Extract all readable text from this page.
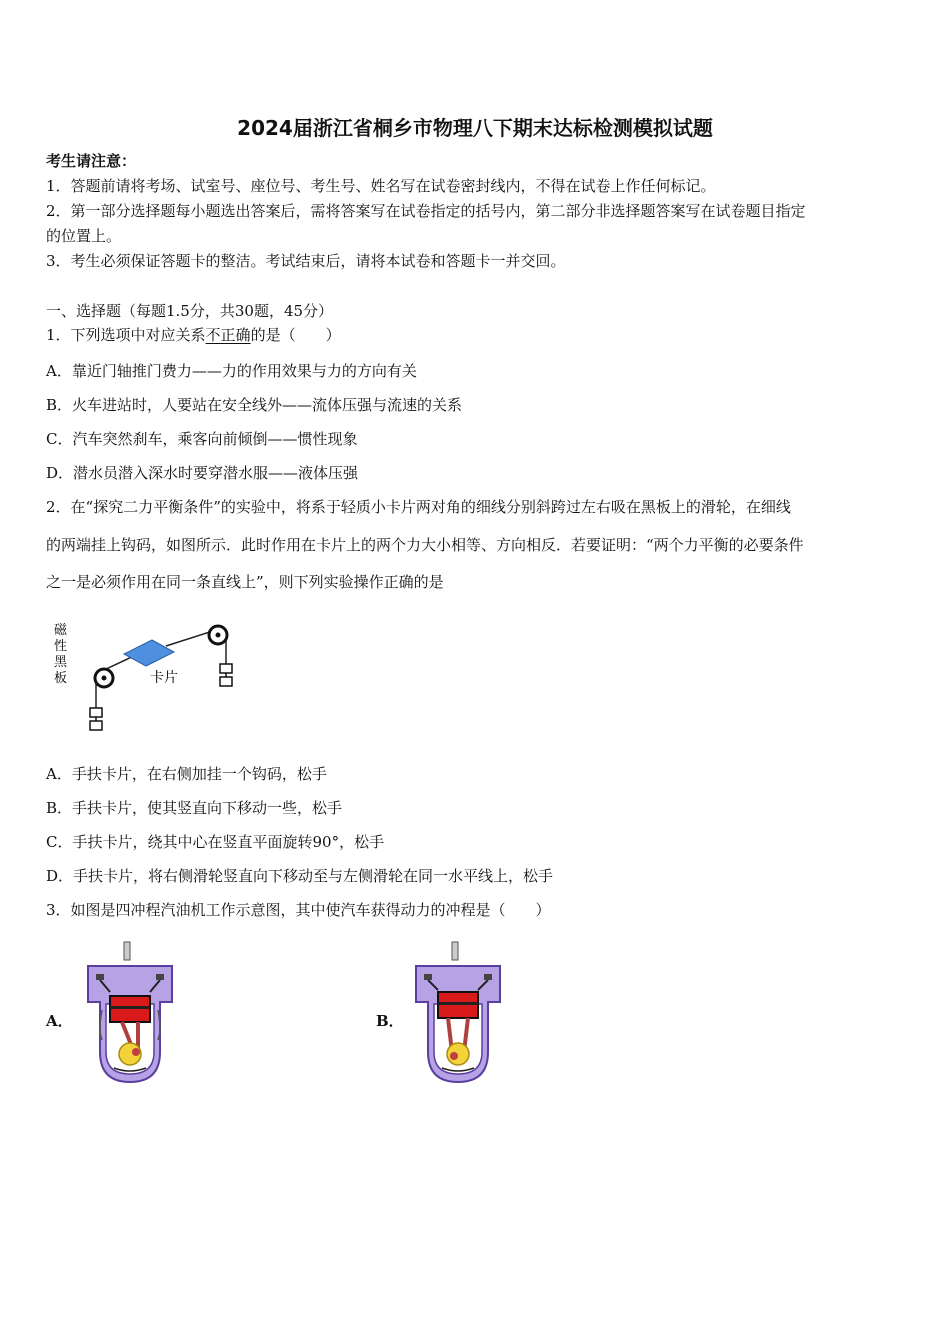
2024届浙江省桐乡市物理八下期末达标检测模拟试题
考生请注意：
1．答题前请将考场、试室号、座位号、考生号、姓名写在试卷密封线内，不得在试卷上作任何标记。
2．第一部分选择题每小题选出答案后，需将答案写在试卷指定的括号内，第二部分非选择题答案写在试卷题目指定
的位置上。
3．考生必须保证答题卡的整洁。考试结束后，请将本试卷和答题卡一并交回。
一、选择题（每题1.5分，共30题，45分）
1．下列选项中对应关系不正确的是（　　）
A．靠近门轴推门费力——力的作用效果与力的方向有关
B．火车进站时，人要站在安全线外——流体压强与流速的关系
C．汽车突然刹车，乘客向前倾倒——惯性现象
D．潜水员潜入深水时要穿潜水服——液体压强
2．在“探究二力平衡条件”的实验中，将系于轻质小卡片两对角的细线分别斜跨过左右吸在黑板上的滑轮，在细线
的两端挂上钩码，如图所示．此时作用在卡片上的两个力大小相等、方向相反．若要证明：“两个力平衡的必要条件
之一是必须作用在同一条直线上”，则下列实验操作正确的是
磁
性
黑
板	卡片
A．手扶卡片，在右侧加挂一个钩码，松手
B．手扶卡片，使其竖直向下移动一些，松手
C．手扶卡片，绕其中心在竖直平面旋转90°，松手
D．手扶卡片，将右侧滑轮竖直向下移动至与左侧滑轮在同一水平线上，松手
3．如图是四冲程汽油机工作示意图，其中使汽车获得动力的冲程是（　　）
A．	B．
